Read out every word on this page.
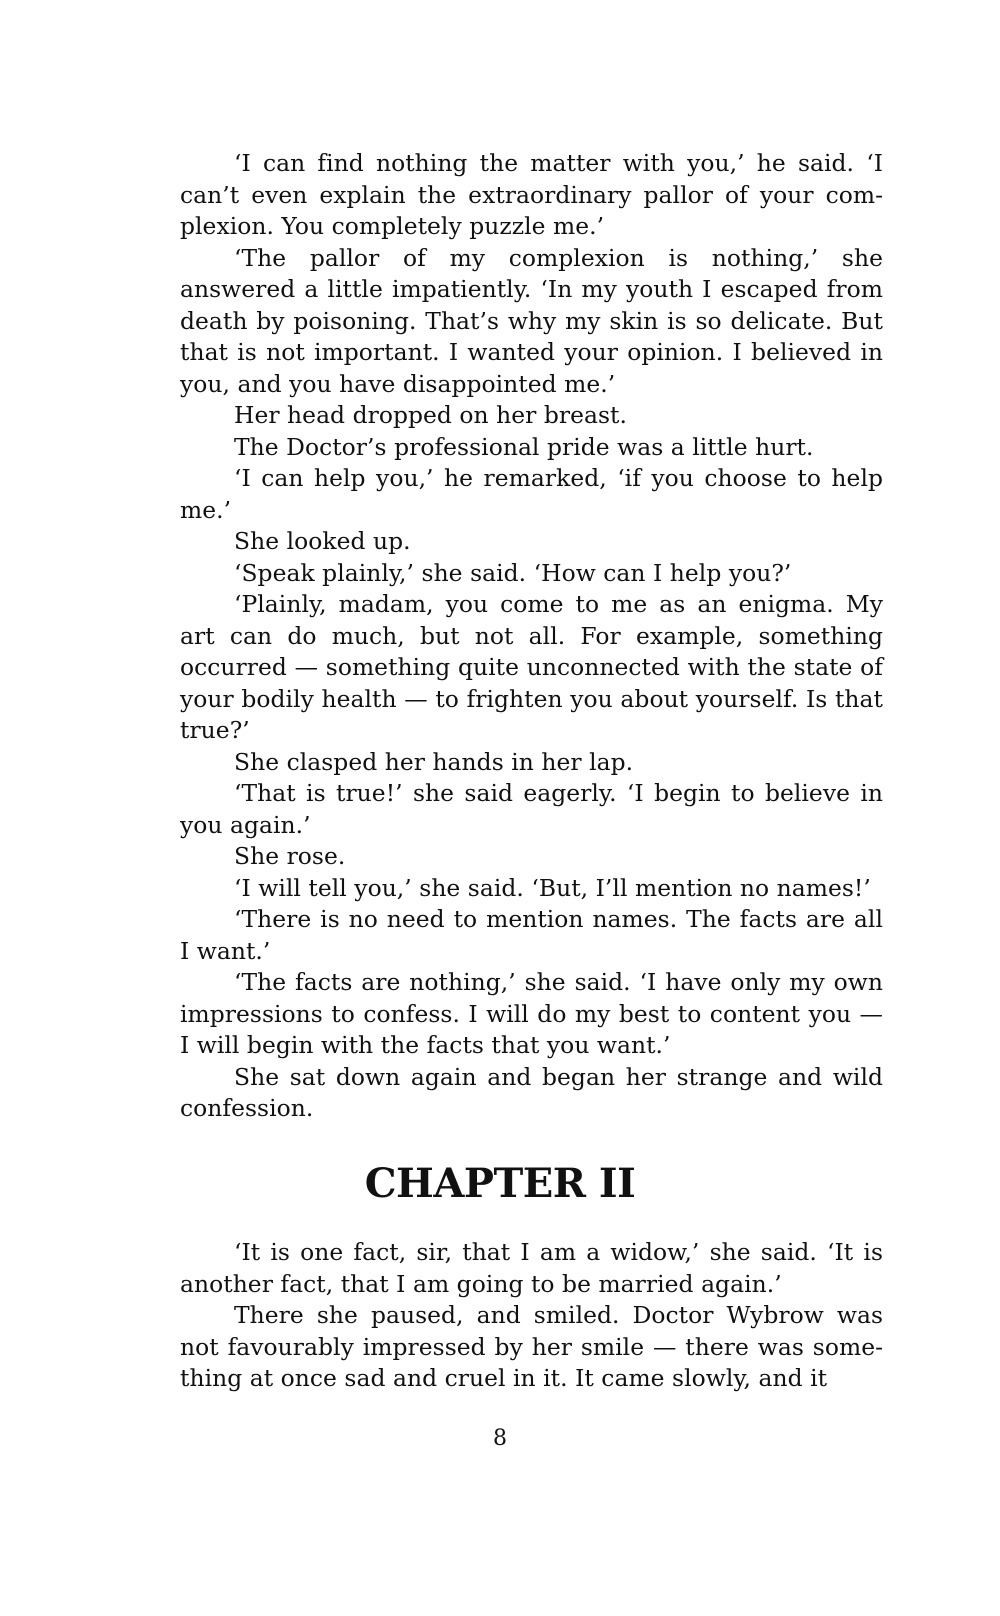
‘I can find nothing the matter with you,’ he said. ‘I can’t even explain the extraordinary pallor of your complexion. You completely puzzle me.’

‘The pallor of my complexion is nothing,’ she answered a little impatiently. ‘In my youth I escaped from death by poisoning. That’s why my skin is so delicate. But that is not important. I wanted your opinion. I believed in you, and you have disappointed me.’

Her head dropped on her breast.

The Doctor’s professional pride was a little hurt.

‘I can help you,’ he remarked, ‘if you choose to help me.’

She looked up.

‘Speak plainly,’ she said. ‘How can I help you?’

‘Plainly, madam, you come to me as an enigma. My art can do much, but not all. For example, something occurred — something quite unconnected with the state of your bodily health — to frighten you about yourself. Is that true?’

She clasped her hands in her lap.

‘That is true!’ she said eagerly. ‘I begin to believe in you again.’

She rose.

‘I will tell you,’ she said. ‘But, I’ll mention no names!’

‘There is no need to mention names. The facts are all I want.’

‘The facts are nothing,’ she said. ‘I have only my own impressions to confess. I will do my best to content you — I will begin with the facts that you want.’

She sat down again and began her strange and wild confession.

CHAPTER II

‘It is one fact, sir, that I am a widow,’ she said. ‘It is another fact, that I am going to be married again.’

There she paused, and smiled. Doctor Wybrow was not favourably impressed by her smile — there was something at once sad and cruel in it. It came slowly, and it

8
